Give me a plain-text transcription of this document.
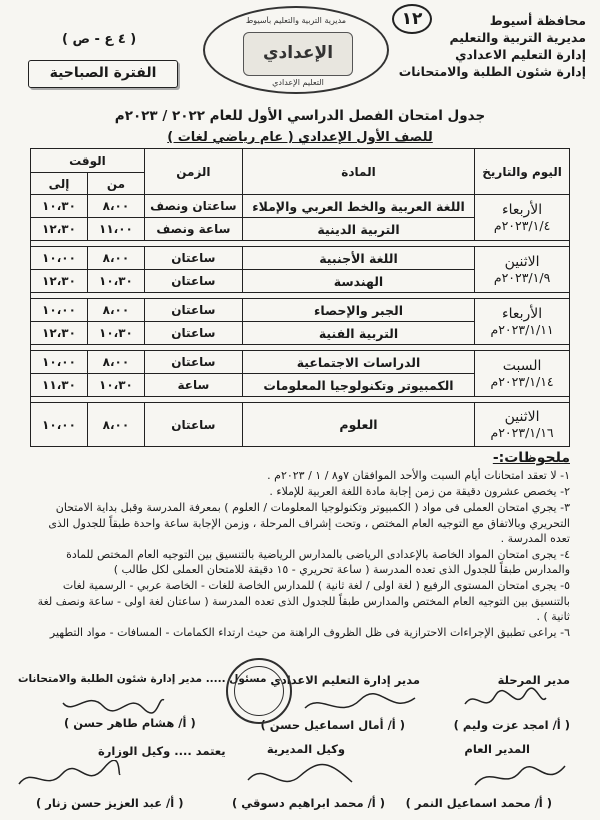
محافظة أسيوط
مديرية التربية والتعليم
إدارة التعليم الاعدادي
إدارة شئون الطلبة والامتحانات
١٢
مديرية التربية والتعليم بأسيوط
الإعدادي
التعليم الإعدادي
( ٤ ع - ص )
الفترة الصباحية
جدول امتحان الفصل الدراسي الأول للعام ٢٠٢٢ / ٢٠٢٣م
للصف الأول الإعدادي ( عام رياضي لغات )
اليوم والتاريخ	المادة	الزمن	الوقت	
			من	إلى

الأربعاء
٢٠٢٣/١/٤م	اللغة العربية والخط العربي والإملاء	ساعتان ونصف	٨،٠٠	١٠،٣٠
	التربية الدينية	ساعة ونصف	١١،٠٠	١٢،٣٠

الاثنين
٢٠٢٣/١/٩م	اللغة الأجنبية	ساعتان	٨،٠٠	١٠،٠٠
	الهندسة	ساعتان	١٠،٣٠	١٢،٣٠

الأربعاء
٢٠٢٣/١/١١م	الجبر والإحصاء	ساعتان	٨،٠٠	١٠،٠٠
	التربية الفنية	ساعتان	١٠،٣٠	١٢،٣٠

السبت
٢٠٢٣/١/١٤م	الدراسات الاجتماعية	ساعتان	٨،٠٠	١٠،٠٠
	الكمبيوتر وتكنولوجيا المعلومات	ساعة	١٠،٣٠	١١،٣٠

الاثنين
٢٠٢٣/١/١٦م	العلوم	ساعتان	٨،٠٠	١٠،٠٠
ملحوظات:-
١- لا تعقد امتحانات أيام السبت والأحد الموافقان ٧و٨ / ١ / ٢٠٢٣م .
٢- يخصص عشرون دقيقة من زمن إجابة مادة اللغة العربية للإملاء .
٣- يجري امتحان العملى فى مواد ( الكمبيوتر وتكنولوجيا المعلومات / العلوم ) بمعرفة المدرسة وقبل بداية الامتحان التحريري وبالاتفاق مع التوجيه العام المختص ، وتحت إشراف المرحلة ، وزمن الإجابة ساعة واحدة طبقاً للجدول الذى تعده المدرسة .
٤- يجرى امتحان المواد الخاصة بالإعدادى الرياضى بالمدارس الرياضية بالتنسيق بين التوجيه العام المختص للمادة والمدارس طبقاً للجدول الذى تعده المدرسة ( ساعة تحريري - ١٥ دقيقة للامتحان العملى لكل طالب )
٥- يجرى امتحان المستوى الرفيع ( لغة اولى / لغة ثانية ) للمدارس الخاصة للغات - الخاصة عربي - الرسمية لغات بالتنسيق بين التوجيه العام المختص والمدارس طبقاً للجدول الذى تعده المدرسة ( ساعتان لغة اولى - ساعة ونصف لغة ثانية ) .
٦- يراعى تطبيق الإجراءات الاحترازية فى ظل الظروف الراهنة من حيث ارتداء الكمامات - المسافات - مواد التطهير
مدير المرحلة
( أ/ امجد عزت وليم )
مدير إدارة التعليم الاعدادي
( أ/ أمال اسماعيل حسن )
مسئول ..... مدير إدارة شئون الطلبة والامتحانات
( أ/ هشام طاهر حسن )
المدير العام
( أ/ محمد اسماعيل النمر )
وكيل المديرية
( أ/ محمد ابراهيم دسوقي )
يعتمد .... وكيل الوزارة
( أ/ عبد العزيز حسن زنار )
